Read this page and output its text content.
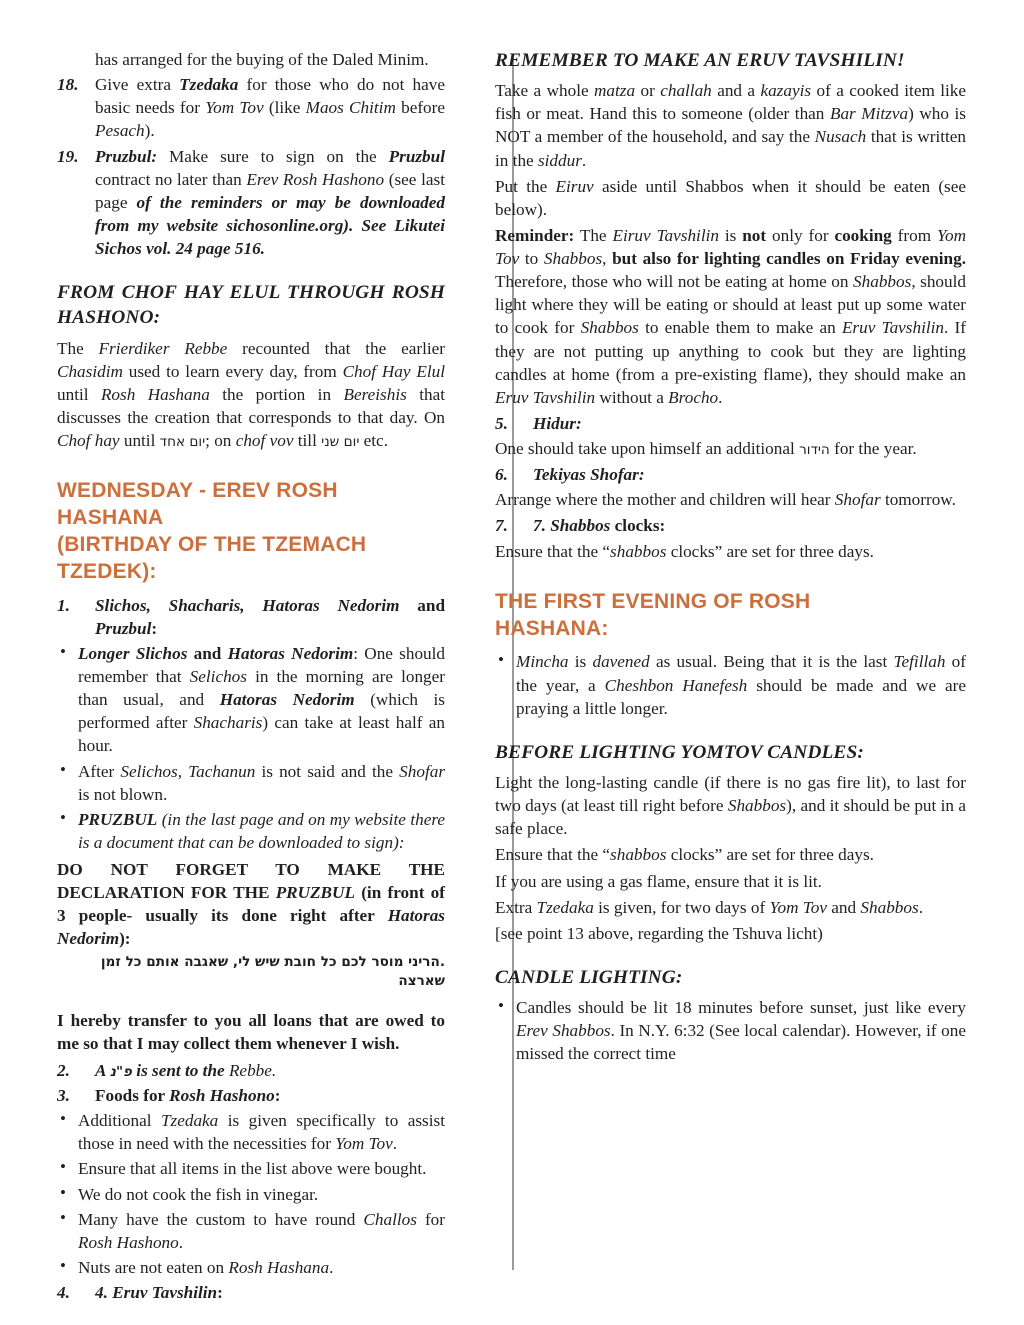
has arranged for the buying of the Daled Minim.

18. Give extra Tzedaka for those who do not have basic needs for Yom Tov (like Maos Chitim before Pesach).
19. Pruzbul: Make sure to sign on the Pruzbul contract no later than Erev Rosh Hashono (see last page of the reminders or may be downloaded from my website sichosonline.org). See Likutei Sichos vol. 24 page 516.
FROM CHOF HAY ELUL THROUGH ROSH HASHONO:

The Frierdiker Rebbe recounted that the earlier Chasidim used to learn every day, from Chof Hay Elul until Rosh Hashana the portion in Bereishis that discusses the creation that corresponds to that day. On Chof hay until יום אחד; on chof vov till יום שני etc.

WEDNESDAY - EREV ROSH HASHANA
(BIRTHDAY OF THE TZEMACH TZEDEK):
1.	Slichos, Shacharis, Hatoras Nedorim and Pruzbul:
• Longer Slichos and Hatoras Nedorim: One should remember that Selichos in the morning are longer than usual, and Hatoras Nedorim (which is performed after Shacharis) can take at least half an hour.
• After Selichos, Tachanun is not said and the Shofar is not blown.
• PRUZBUL (in the last page and on my website there is a document that can be downloaded to sign):

DO NOT FORGET TO MAKE THE DECLARATION FOR THE PRUZBUL (in front of 3 people- usually its done right after Hatoras Nedorim):

.הריני מוסר לכם כל חובת שיש לי, שאגבה אותם כל זמן שארצה

I hereby transfer to you all loans that are owed to me so that I may collect them whenever I wish.

2.	A פ"נ is sent to the Rebbe.
3.	Foods for Rosh Hashono:
• Additional Tzedaka is given specifically to assist those in need with the necessities for Yom Tov.
• Ensure that all items in the list above were bought.
• We do not cook the fish in vinegar.
• Many have the custom to have round Challos for Rosh Hashono.
• Nuts are not eaten on Rosh Hashana.
4.	4. Eruv Tavshilin:
REMEMBER TO MAKE AN ERUV TAVSHILIN!

Take a whole matza or challah and a kazayis of a cooked item like fish or meat. Hand this to someone (older than Bar Mitzva) who is NOT a member of the household, and say the Nusach that is written in the siddur.

Put the Eiruv aside until Shabbos when it should be eaten (see below).

Reminder: The Eiruv Tavshilin is not only for cooking from Yom Tov to Shabbos, but also for lighting candles on Friday evening. Therefore, those who will not be eating at home on Shabbos, should light where they will be eating or should at least put up some water to cook for Shabbos to enable them to make an Eruv Tavshilin. If they are not putting up anything to cook but they are lighting candles at home (from a pre-existing flame), they should make an Eruv Tavshilin without a Brocho.

5.	Hidur:

One should take upon himself an additional הידור for the year.

6.	Tekiyas Shofar:

Arrange where the mother and children will hear Shofar tomorrow.

7.	7. Shabbos clocks:

Ensure that the “shabbos clocks” are set for three days.

THE FIRST EVENING OF ROSH
HASHANA:
• Mincha is davened as usual. Being that it is the last Tefillah of the year, a Cheshbon Hanefesh should be made and we are praying a little longer.
BEFORE LIGHTING YOMTOV CANDLES:

Light the long-lasting candle (if there is no gas fire lit), to last for two days (at least till right before Shabbos), and it should be put in a safe place.

Ensure that the “shabbos clocks” are set for three days.

If you are using a gas flame, ensure that it is lit.

Extra Tzedaka is given, for two days of Yom Tov and Shabbos.

[see point 13 above, regarding the Tshuva licht)

CANDLE LIGHTING:
• Candles should be lit 18 minutes before sunset, just like every Erev Shabbos. In N.Y. 6:32 (See local calendar). However, if one missed the correct time
